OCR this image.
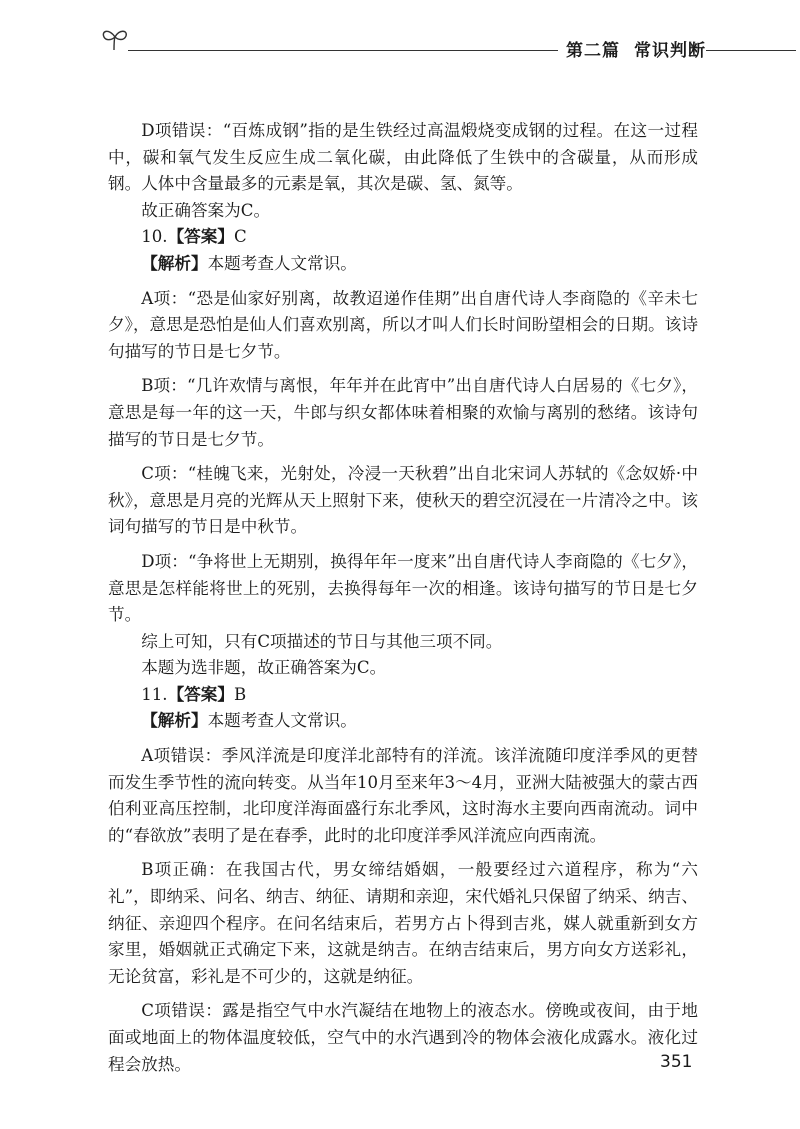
第二篇 常识判断

D项错误：“百炼成钢”指的是生铁经过高温煅烧变成钢的过程。在这一过程中，碳和氧气发生反应生成二氧化碳，由此降低了生铁中的含碳量，从而形成钢。人体中含量最多的元素是氧，其次是碳、氢、氮等。

故正确答案为C。

10.【答案】C

【解析】本题考查人文常识。

A项：“恐是仙家好别离，故教迢递作佳期”出自唐代诗人李商隐的《辛未七夕》，意思是恐怕是仙人们喜欢别离，所以才叫人们长时间盼望相会的日期。该诗句描写的节日是七夕节。

B项：“几许欢情与离恨，年年并在此宵中”出自唐代诗人白居易的《七夕》，意思是每一年的这一天，牛郎与织女都体味着相聚的欢愉与离别的愁绪。该诗句描写的节日是七夕节。

C项：“桂魄飞来，光射处，冷浸一天秋碧”出自北宋词人苏轼的《念奴娇·中秋》，意思是月亮的光辉从天上照射下来，使秋天的碧空沉浸在一片清冷之中。该词句描写的节日是中秋节。

D项：“争将世上无期别，换得年年一度来”出自唐代诗人李商隐的《七夕》，意思是怎样能将世上的死别，去换得每年一次的相逢。该诗句描写的节日是七夕节。

综上可知，只有C项描述的节日与其他三项不同。

本题为选非题，故正确答案为C。

11.【答案】B

【解析】本题考查人文常识。

A项错误：季风洋流是印度洋北部特有的洋流。该洋流随印度洋季风的更替而发生季节性的流向转变。从当年10月至来年3～4月，亚洲大陆被强大的蒙古西伯利亚高压控制，北印度洋海面盛行东北季风，这时海水主要向西南流动。词中的“春欲放”表明了是在春季，此时的北印度洋季风洋流应向西南流。

B项正确：在我国古代，男女缔结婚姻，一般要经过六道程序，称为“六礼”，即纳采、问名、纳吉、纳征、请期和亲迎，宋代婚礼只保留了纳采、纳吉、纳征、亲迎四个程序。在问名结束后，若男方占卜得到吉兆，媒人就重新到女方家里，婚姻就正式确定下来，这就是纳吉。在纳吉结束后，男方向女方送彩礼，无论贫富，彩礼是不可少的，这就是纳征。

C项错误：露是指空气中水汽凝结在地物上的液态水。傍晚或夜间，由于地面或地面上的物体温度较低，空气中的水汽遇到冷的物体会液化成露水。液化过程会放热。	351
